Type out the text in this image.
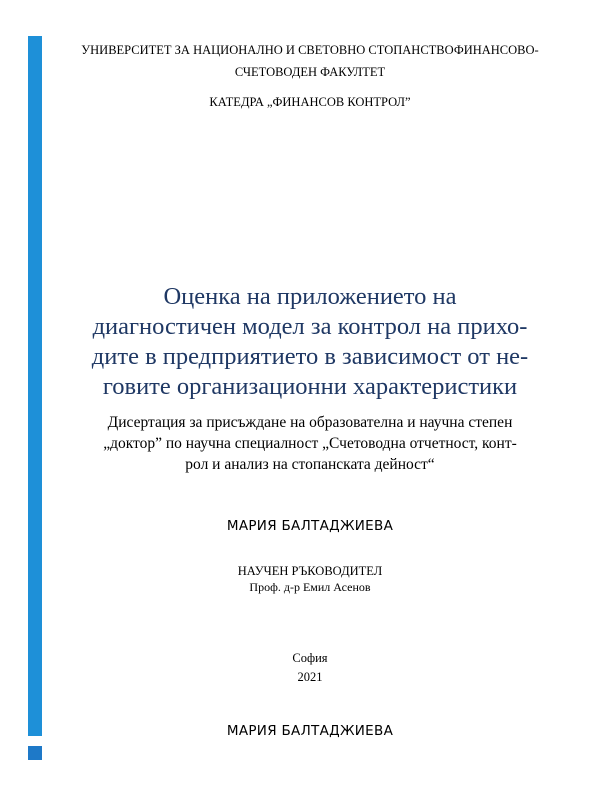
УНИВЕРСИТЕТ ЗА НАЦИОНАЛНО И СВЕТОВНО СТОПАНСТВОФИНАНСОВО-
СЧЕТОВОДЕН ФАКУЛТЕТ
КАТЕДРА „ФИНАНСОВ КОНТРОЛ”
Оценка на приложението на
диагностичен модел за контрол на прихо-
дите в предприятието в зависимост от не-
говите организационни характеристики
Дисертация за присъждане на образователна и научна степен
„доктор” по научна специалност „Счетоводна отчетност, конт-
рол и анализ на стопанската дейност“
МАРИЯ БАЛТАДЖИЕВА
НАУЧЕН РЪКОВОДИТЕЛ
Проф. д-р Емил Асенов
София
2021
МАРИЯ БАЛТАДЖИЕВА
